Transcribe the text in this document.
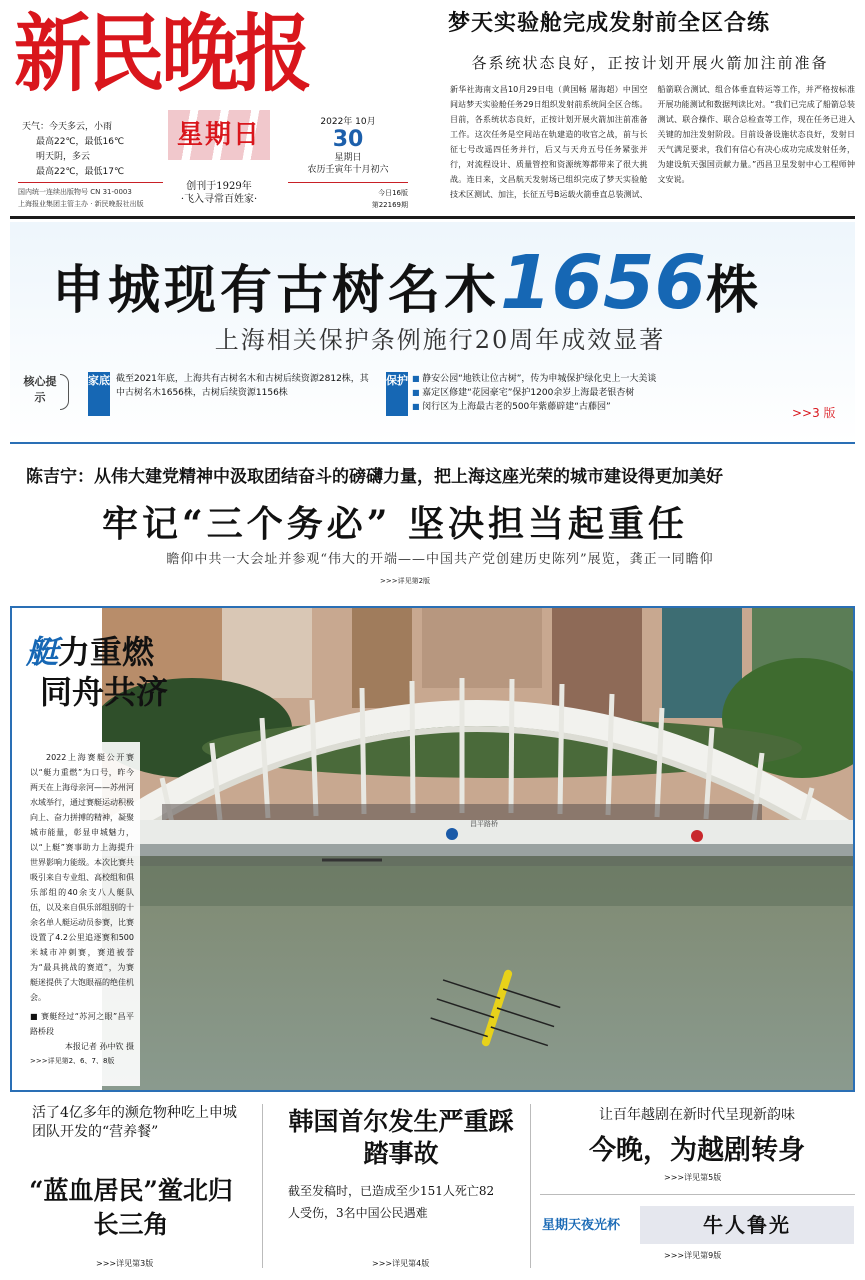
新民晚报
天气：今天多云，小雨
最高22℃，最低16℃
明天阴，多云
最高22℃，最低17℃
国内统一连续出版物号 CN 31-0003
上海报业集团主管主办 · 新民晚报社出版
星期日
创刊于1929年
·飞入寻常百姓家·
2022年 10月
30
星期日
农历壬寅年十月初六
今日16版
第22169期
梦天实验舱完成发射前全区合练
各系统状态良好，正按计划开展火箭加注前准备
新华社海南文昌10月29日电（黄国畅 屠海超）中国空间站梦天实验舱任务29日组织发射前系统间全区合练。目前，各系统状态良好，正按计划开展火箭加注前准备工作。这次任务是空间站在轨建造的收官之战，前与长征七号改遥四任务并行，后又与天舟五号任务紧张并行，对流程设计、质量管控和资源统筹都带来了很大挑战。连日来，文昌航天发射场已组织完成了梦天实验舱技术区测试、加注，长征五号B运载火箭垂直总装测试、船箭联合测试、组合体垂直转运等工作，并严格按标准开展功能测试和数据判读比对。“我们已完成了船箭总装测试、联合操作、联合总检查等工作，现在任务已进入关键的加注发射阶段。目前设备设施状态良好，发射日天气满足要求，我们有信心有决心成功完成发射任务，为建设航天强国贡献力量。”西昌卫星发射中心工程师钟文安说。
申城现有古树名木1656株
上海相关保护条例施行20周年成效显著
核心提示
家底 截至2021年底，上海共有古树名木和古树后续资源2812株，其中古树名木1656株，古树后续资源1156株
保护
■	静安公园“地铁让位古树”，传为申城保护绿化史上一大美谈
■ 嘉定区修建“花园豪宅”保护1200余岁上海最老银杏树
■ 闵行区为上海最古老的500年紫藤辟建“古藤园”	>>3 版
陈吉宁：从伟大建党精神中汲取团结奋斗的磅礴力量，把上海这座光荣的城市建设得更加美好
牢记“三个务必” 坚决担当起重任
瞻仰中共一大会址并参观“伟大的开端——中国共产党创建历史陈列”展览，龚正一同瞻仰
>>>详见第2版
昌平路桥
艇力重燃
同舟共济
2022上海赛艇公开赛以“艇力重燃”为口号，昨今两天在上海母亲河——苏州河水域举行，通过赛艇运动积极向上、奋力拼搏的精神，凝聚城市能量，彰显申城魅力，以“上艇”赛事助力上海提升世界影响力能级。本次比赛共吸引来自专业组、高校组和俱乐部组的40余支八人艇队伍，以及来自俱乐部组别的十余名单人艇运动员参赛，比赛设置了4.2公里追逐赛和500米城市冲刺赛，赛道被誉为“最具挑战的赛道”，为赛艇迷提供了大饱眼福的绝佳机会。
■ 赛艇经过“苏河之眼”昌平路桥段
本报记者 孙中钦 摄
>>>详见第2、6、7、8版
活了4亿多年的濒危物种吃上申城团队开发的“营养餐”
“蓝血居民”鲎北归长三角
>>>详见第3版
韩国首尔发生严重踩踏事故
截至发稿时，已造成至少151人死亡82人受伤，3名中国公民遇难
>>>详见第4版
让百年越剧在新时代呈现新韵味
今晚，为越剧转身
>>>详见第5版
星期天夜光杯	牛人鲁光
>>>详见第9版
